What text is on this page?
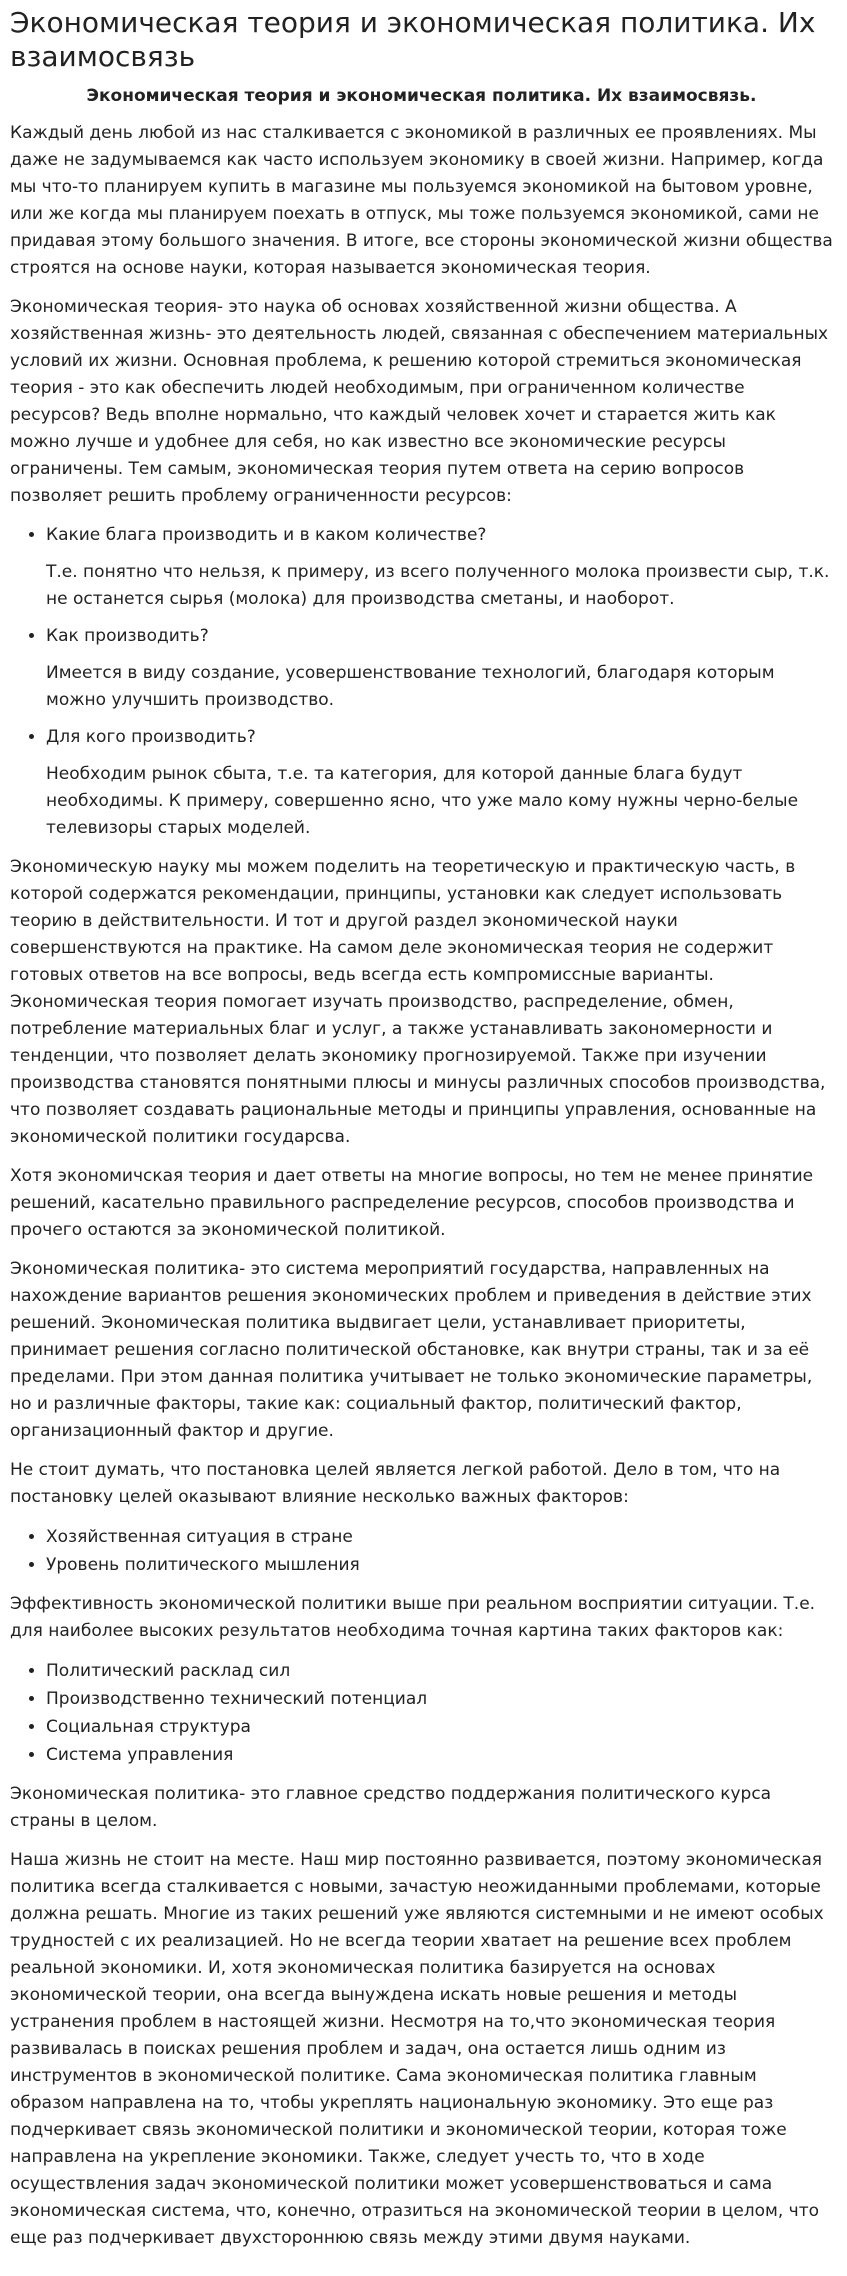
Экономическая теория и экономическая политика. Их взаимосвязь
Экономическая теория и экономическая политика. Их взаимосвязь.

Каждый день любой из нас сталкивается с экономикой в различных ее проявлениях. Мы даже не задумываемся как часто используем экономику в своей жизни. Например, когда мы что-то планируем купить в магазине мы пользуемся экономикой на бытовом уровне, или же когда мы планируем поехать в отпуск, мы тоже пользуемся экономикой, сами не придавая этому большого значения. В итоге, все стороны экономической жизни общества строятся на основе науки, которая называется экономическая теория.

Экономическая теория- это наука об основах хозяйственной жизни общества. А хозяйственная жизнь- это деятельность людей, связанная с обеспечением материальных условий их жизни. Основная проблема, к решению которой стремиться экономическая теория - это как обеспечить людей необходимым, при ограниченном количестве ресурсов? Ведь вполне нормально, что каждый человек хочет и старается жить как можно лучше и удобнее для себя, но как известно все экономические ресурсы ограничены. Тем самым, экономическая теория путем ответа на серию вопросов позволяет решить проблему ограниченности ресурсов:

• Какие блага производить и в каком количестве?
Т.е. понятно что нельзя, к примеру, из всего полученного молока произвести сыр, т.к. не останется сырья (молока) для производства сметаны, и наоборот.
• Как производить?
Имеется в виду создание, усовершенствование технологий, благодаря которым можно улучшить производство.
• Для кого производить?
Необходим рынок сбыта, т.е. та категория, для которой данные блага будут необходимы. К примеру, совершенно ясно, что уже мало кому нужны черно-белые телевизоры старых моделей.

Экономическую науку мы можем поделить на теоретическую и практическую часть, в которой содержатся рекомендации, принципы, установки как следует использовать теорию в действительности. И тот и другой раздел экономической науки совершенствуются на практике. На самом деле экономическая теория не содержит готовых ответов на все вопросы, ведь всегда есть компромиссные варианты. Экономическая теория помогает изучать производство, распределение, обмен, потребление материальных благ и услуг, а также устанавливать закономерности и тенденции, что позволяет делать экономику прогнозируемой. Также при изучении производства становятся понятными плюсы и минусы различных способов производства, что позволяет создавать рациональные методы и принципы управления, основанные на экономической политики государсва.

Хотя экономичская теория и дает ответы на многие вопросы, но тем не менее принятие решений, касательно правильного распределение ресурсов, способов производства и прочего остаются за экономической политикой.

Экономическая политика- это система мероприятий государства, направленных на нахождение вариантов решения экономических проблем и приведения в действие этих решений. Экономическая политика выдвигает цели, устанавливает приоритеты, принимает решения согласно политической обстановке, как внутри страны, так и за её пределами. При этом данная политика учитывает не только экономические параметры, но и различные факторы, такие как: социальный фактор, политический фактор, организационный фактор и другие.

Не стоит думать, что постановка целей является легкой работой. Дело в том, что на постановку целей оказывают влияние несколько важных факторов:

• Хозяйственная ситуация в стране
• Уровень политического мышления

Эффективность экономической политики выше при реальном восприятии ситуации. Т.е. для наиболее высоких результатов необходима точная картина таких факторов как:

• Политический расклад сил
• Производственно технический потенциал
• Социальная структура
• Система управления

Экономическая политика- это главное средство поддержания политического курса страны в целом.

Наша жизнь не стоит на месте. Наш мир постоянно развивается, поэтому экономическая политика всегда сталкивается с новыми, зачастую неожиданными проблемами, которые должна решать. Многие из таких решений уже являются системными и не имеют особых трудностей с их реализацией. Но не всегда теории хватает на решение всех проблем реальной экономики. И, хотя экономическая политика базируется на основах экономической теории, она всегда вынуждена искать новые решения и методы устранения проблем в настоящей жизни. Несмотря на то,что экономическая теория развивалась в поисках решения проблем и задач, она остается лишь одним из инструментов в экономической политике. Сама экономическая политика главным образом направлена на то, чтобы укреплять национальную экономику. Это еще раз подчеркивает связь экономической политики и экономической теории, которая тоже направлена на укрепление экономики. Также, следует учесть то, что в ходе осуществления задач экономической политики может усовершенствоваться и сама экономическая система, что, конечно, отразиться на экономической теории в целом, что еще раз подчеркивает двухстороннюю связь между этими двумя науками.
